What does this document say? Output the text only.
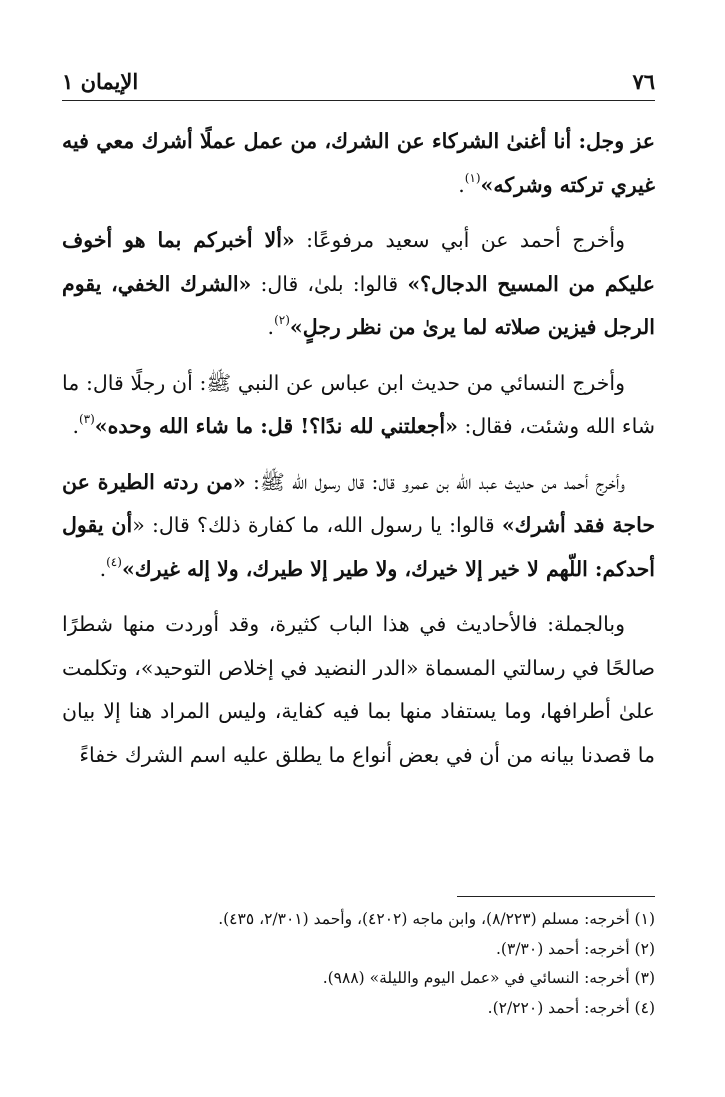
٧٦
الإيمان ١

عز وجل: أنا أغنىٰ الشركاء عن الشرك، من عمل عملًا أشرك معي فيه غيري تركته وشركه»$^{(١)}$.

وأخرج أحمد عن أبي سعيد مرفوعًا: «ألا أخبركم بما هو أخوف عليكم من المسيح الدجال؟» قالوا: بلىٰ، قال: «الشرك الخفي، يقوم الرجل فيزين صلاته لما يرىٰ من نظر رجلٍ»$^{(٢)}$.

وأخرج النسائي من حديث ابن عباس عن النبي ﷺ: أن رجلًا قال: ما شاء الله وشئت، فقال: «أجعلتني لله ندًا؟! قل: ما شاء الله وحده»$^{(٣)}$.

وأخرج أحمد من حديث عبد الله بن عمرو قال: قال رسول الله ﷺ: «من ردته الطيرة عن حاجة فقد أشرك» قالوا: يا رسول الله، ما كفارة ذلك؟ قال: «أن يقول أحدكم: اللّهم لا خير إلا خيرك، ولا طير إلا طيرك، ولا إله غيرك»$^{(٤)}$.

وبالجملة: فالأحاديث في هذا الباب كثيرة، وقد أوردت منها شطرًا صالحًا في رسالتي المسماة «الدر النضيد في إخلاص التوحيد»، وتكلمت علىٰ أطرافها، وما يستفاد منها بما فيه كفاية، وليس المراد هنا إلا بيان ما قصدنا بيانه من أن في بعض أنواع ما يطلق عليه اسم الشرك خفاءً

(١) أخرجه: مسلم (٨/٢٢٣)، وابن ماجه (٤٢٠٢)، وأحمد (٢/٣٠١، ٤٣٥).

(٢) أخرجه: أحمد (٣/٣٠).

(٣) أخرجه: النسائي في «عمل اليوم والليلة» (٩٨٨).

(٤) أخرجه: أحمد (٢/٢٢٠).
